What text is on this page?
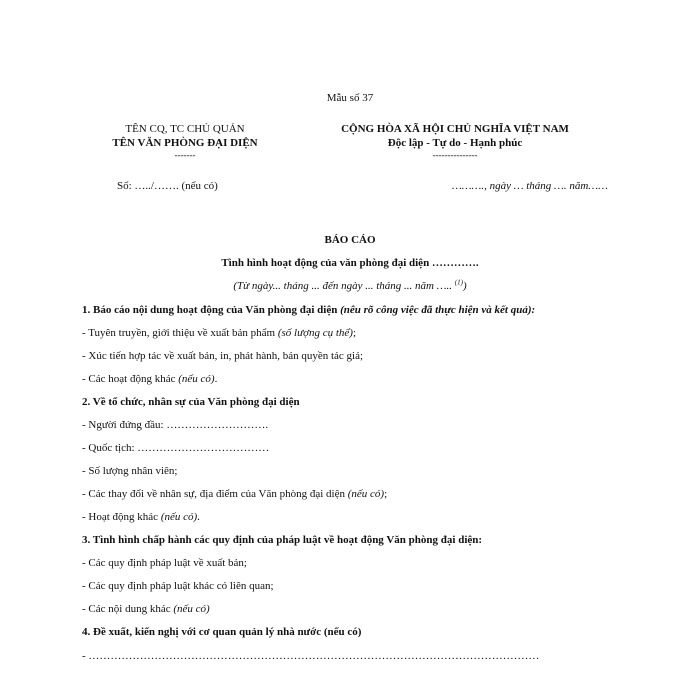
Mẫu số 37
TÊN CQ, TC CHỦ QUẢN
TÊN VĂN PHÒNG ĐẠI DIỆN
-------
Số: …../……. (nếu có)
CỘNG HÒA XÃ HỘI CHỦ NGHĨA VIỆT NAM
Độc lập - Tự do - Hạnh phúc
---------------
………., ngày … tháng …. năm……
BÁO CÁO
Tình hình hoạt động của văn phòng đại diện ………….
(Từ ngày... tháng ... đến ngày ... tháng ... năm ….. $^{(1)}$)
1. Báo cáo nội dung hoạt động của Văn phòng đại diện (nêu rõ công việc đã thực hiện và kết quả):
- Tuyên truyền, giới thiệu về xuất bản phẩm (số lượng cụ thể);
- Xúc tiến hợp tác về xuất bản, in, phát hành, bản quyền tác giả;
- Các hoạt động khác (nếu có).
2. Về tổ chức, nhân sự của Văn phòng đại diện
- Người đứng đầu: ……………………….
- Quốc tịch: ………………………………
- Số lượng nhân viên;
- Các thay đổi về nhân sự, địa điểm của Văn phòng đại diện (nếu có);
- Hoạt động khác (nếu có).
3. Tình hình chấp hành các quy định của pháp luật về hoạt động Văn phòng đại diện:
- Các quy định pháp luật về xuất bản;
- Các quy định pháp luật khác có liên quan;
- Các nội dung khác (nếu có)
4. Đề xuất, kiến nghị với cơ quan quản lý nhà nước (nếu có)
- ……………………………………………………………………………………………………………
